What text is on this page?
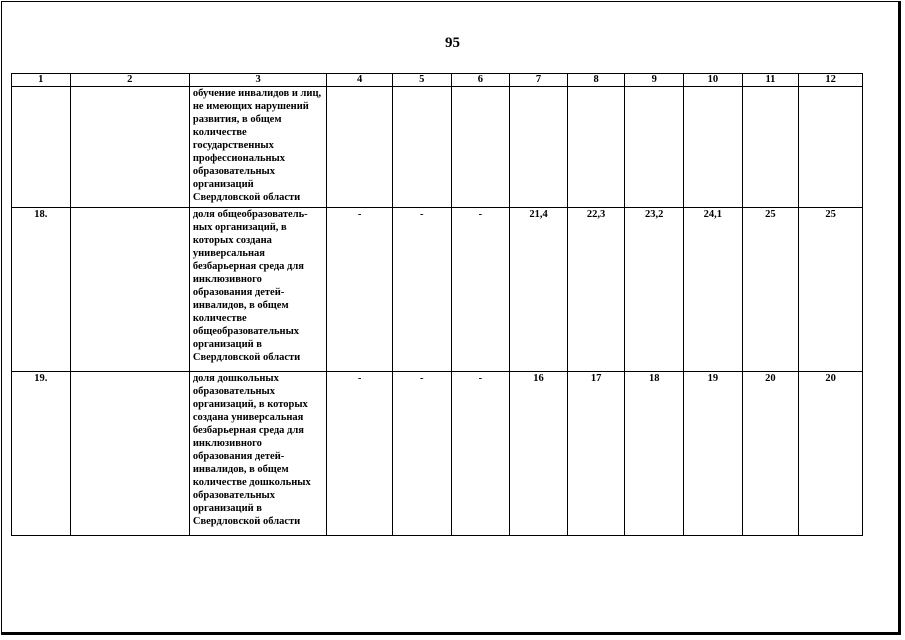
95
1	2	3	4	5	6	7	8	9	10	11	12
		обучение инвалидов и лиц, не имеющих нарушений развития, в общем количестве государственных профессиональных образовательных организаций Свердловской области									
18.		доля общеобразователь-ных организаций, в которых создана универсальная безбарьерная среда для инклюзивного образования детей-инвалидов, в общем количестве общеобразовательных организаций в Свердловской области	-	-	-	21,4	22,3	23,2	24,1	25	25
19.		доля дошкольных образовательных организаций, в которых создана универсальная безбарьерная среда для инклюзивного образования детей-инвалидов, в общем количестве дошкольных образовательных организаций в Свердловской области	-	-	-	16	17	18	19	20	20
